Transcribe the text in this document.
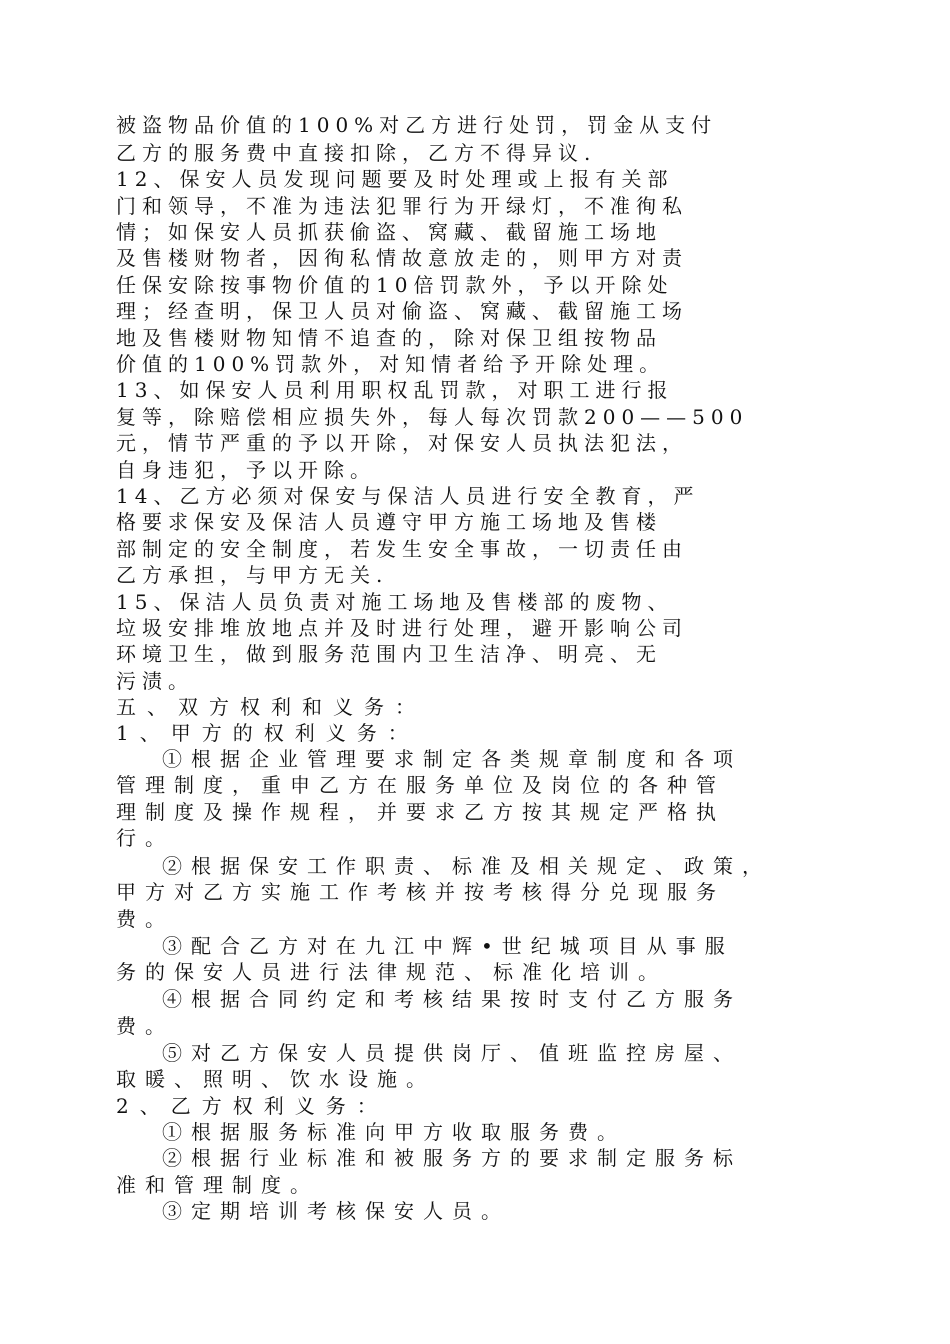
被盗物品价值的100%对乙方进行处罚，罚金从支付
乙方的服务费中直接扣除，乙方不得异议.
12、保安人员发现问题要及时处理或上报有关部
门和领导，不准为违法犯罪行为开绿灯，不准徇私
情；如保安人员抓获偷盗、窝藏、截留施工场地
及售楼财物者，因徇私情故意放走的，则甲方对责
任保安除按事物价值的10倍罚款外，予以开除处
理；经查明，保卫人员对偷盗、窝藏、截留施工场
地及售楼财物知情不追查的，除对保卫组按物品
价值的100%罚款外，对知情者给予开除处理。
13、如保安人员利用职权乱罚款，对职工进行报
复等，除赔偿相应损失外，每人每次罚款200——500
元，情节严重的予以开除，对保安人员执法犯法，
自身违犯，予以开除。
14、乙方必须对保安与保洁人员进行安全教育，严
格要求保安及保洁人员遵守甲方施工场地及售楼
部制定的安全制度，若发生安全事故，一切责任由
乙方承担，与甲方无关.
15、保洁人员负责对施工场地及售楼部的废物、
垃圾安排堆放地点并及时进行处理，避开影响公司
环境卫生，做到服务范围内卫生洁净、明亮、无
污渍。
五、双方权利和义务：
1、甲方的权利义务：
①根据企业管理要求制定各类规章制度和各项
管理制度，重申乙方在服务单位及岗位的各种管
理制度及操作规程，并要求乙方按其规定严格执
行。
②根据保安工作职责、标准及相关规定、政策，
甲方对乙方实施工作考核并按考核得分兑现服务
费。
③配合乙方对在九江中辉•世纪城项目从事服
务的保安人员进行法律规范、标准化培训。
④根据合同约定和考核结果按时支付乙方服务
费。
⑤对乙方保安人员提供岗厅、值班监控房屋、
取暖、照明、饮水设施。
2、乙方权利义务：
①根据服务标准向甲方收取服务费。
②根据行业标准和被服务方的要求制定服务标
准和管理制度。
③定期培训考核保安人员。
